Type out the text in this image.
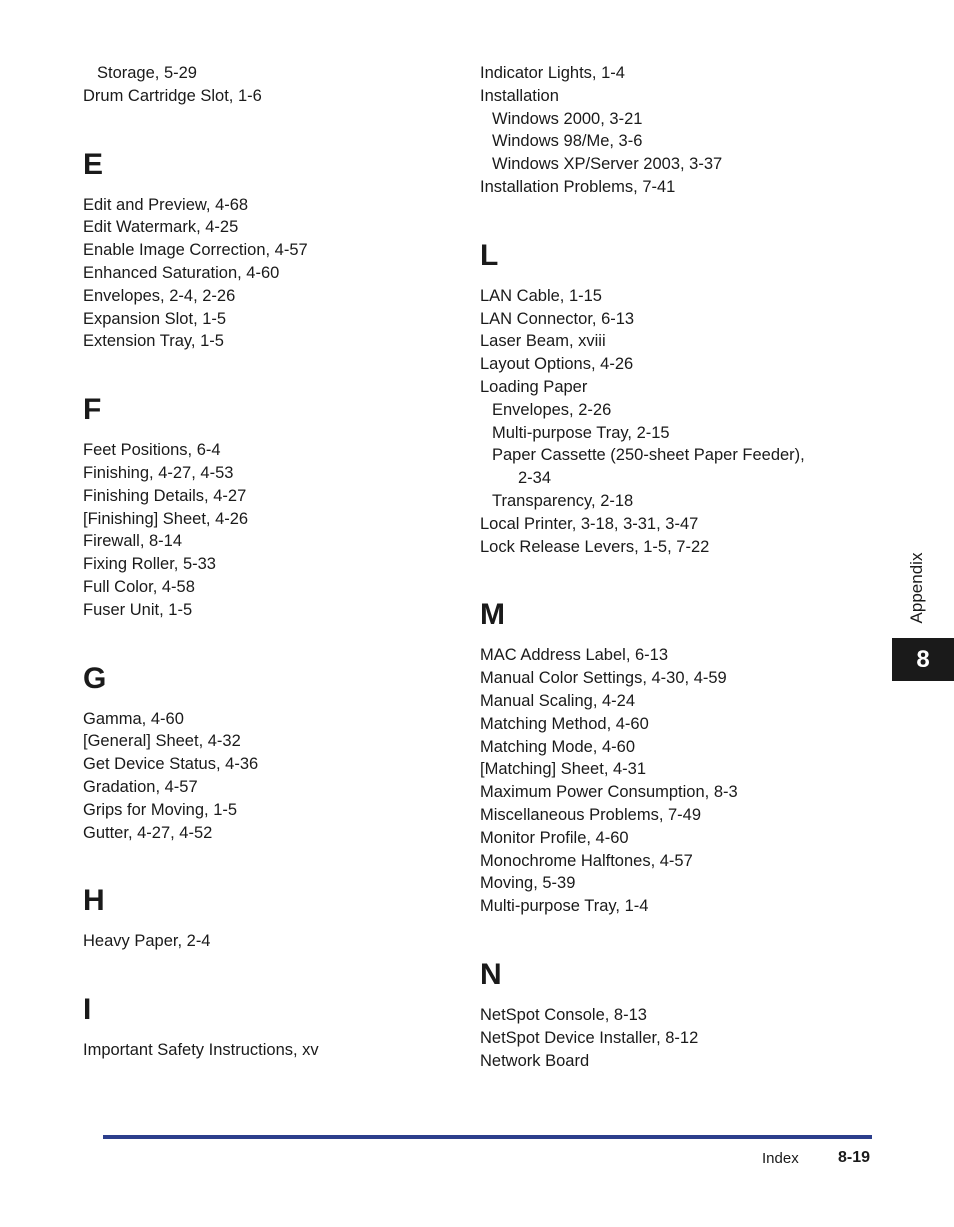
Storage, 5-29
Drum Cartridge Slot, 1-6
E
Edit and Preview, 4-68
Edit Watermark, 4-25
Enable Image Correction, 4-57
Enhanced Saturation, 4-60
Envelopes, 2-4, 2-26
Expansion Slot, 1-5
Extension Tray, 1-5
F
Feet Positions, 6-4
Finishing, 4-27, 4-53
Finishing Details, 4-27
[Finishing] Sheet, 4-26
Firewall, 8-14
Fixing Roller, 5-33
Full Color, 4-58
Fuser Unit, 1-5
G
Gamma, 4-60
[General] Sheet, 4-32
Get Device Status, 4-36
Gradation, 4-57
Grips for Moving, 1-5
Gutter, 4-27, 4-52
H
Heavy Paper, 2-4
I
Important Safety Instructions, xv
Indicator Lights, 1-4
Installation
Windows 2000, 3-21
Windows 98/Me, 3-6
Windows XP/Server 2003, 3-37
Installation Problems, 7-41
L
LAN Cable, 1-15
LAN Connector, 6-13
Laser Beam, xviii
Layout Options, 4-26
Loading Paper
Envelopes, 2-26
Multi-purpose Tray, 2-15
Paper Cassette (250-sheet Paper Feeder),
2-34
Transparency, 2-18
Local Printer, 3-18, 3-31, 3-47
Lock Release Levers, 1-5, 7-22
M
MAC Address Label, 6-13
Manual Color Settings, 4-30, 4-59
Manual Scaling, 4-24
Matching Method, 4-60
Matching Mode, 4-60
[Matching] Sheet, 4-31
Maximum Power Consumption, 8-3
Miscellaneous Problems, 7-49
Monitor Profile, 4-60
Monochrome Halftones, 4-57
Moving, 5-39
Multi-purpose Tray, 1-4
N
NetSpot Console, 8-13
NetSpot Device Installer, 8-12
Network Board
Appendix
8
Index 8-19
